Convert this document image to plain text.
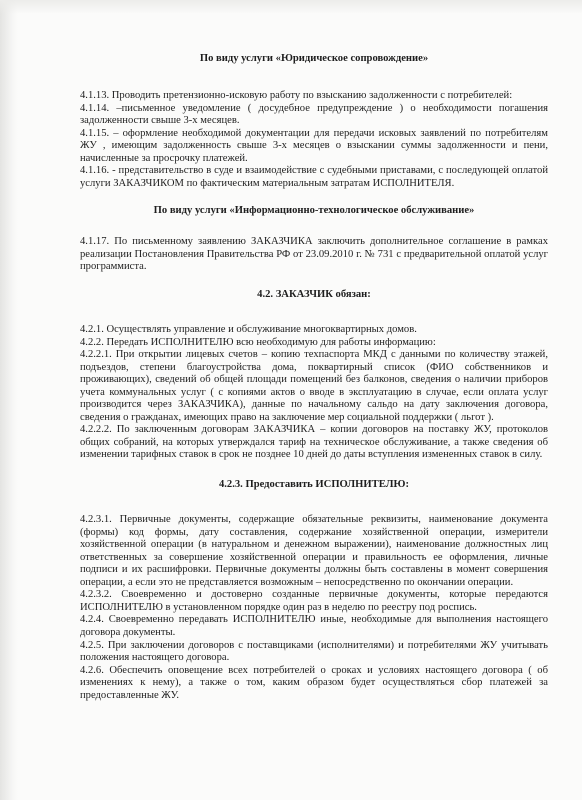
По виду услуги «Юридическое сопровождение»

4.1.13. Проводить претензионно-исковую работу по взысканию задолженности с потребителей:

4.1.14. –письменное уведомление ( досудебное предупреждение ) о необходимости погашения задолженности свыше 3-х месяцев.

4.1.15. – оформление необходимой документации для передачи исковых заявлений по потребителям ЖУ , имеющим задолженность свыше 3-х месяцев о взыскании суммы задолженности и пени, начисленные за просрочку платежей.

4.1.16. - представительство в суде и взаимодействие с судебными приставами, с последующей оплатой услуги ЗАКАЗЧИКОМ по фактическим материальным затратам ИСПОЛНИТЕЛЯ.

По виду услуги «Информационно-технологическое обслуживание»

4.1.17. По письменному заявлению ЗАКАЗЧИКА заключить дополнительное соглашение в рамках реализации Постановления Правительства РФ от 23.09.2010 г. № 731 с предварительной оплатой услуг программиста.

4.2. ЗАКАЗЧИК обязан:

4.2.1. Осуществлять управление и обслуживание многоквартирных домов.

4.2.2. Передать ИСПОЛНИТЕЛЮ всю необходимую для работы информацию:

4.2.2.1. При открытии лицевых счетов – копию техпаспорта МКД с данными по количеству этажей, подъездов, степени благоустройства дома, поквартирный список (ФИО собственников и проживающих), сведений об общей площади помещений без балконов, сведения о наличии приборов учета коммунальных услуг ( с копиями актов о вводе в эксплуатацию в случае, если оплата услуг производится через ЗАКАЗЧИКА), данные по начальному сальдо на дату заключения договора, сведения о гражданах, имеющих право на заключение мер социальной поддержки ( льгот ).

4.2.2.2. По заключенным договорам ЗАКАЗЧИКА – копии договоров на поставку ЖУ, протоколов общих собраний, на которых утверждался тариф на техническое обслуживание, а также сведения об изменении тарифных ставок в срок не позднее 10 дней до даты вступления измененных ставок в силу.

4.2.3. Предоставить ИСПОЛНИТЕЛЮ:

4.2.3.1. Первичные документы, содержащие обязательные реквизиты, наименование документа (формы) код формы, дату составления, содержание хозяйственной операции, измерители хозяйственной операции (в натуральном и денежном выражении), наименование должностных лиц ответственных за совершение хозяйственной операции и правильность ее оформления, личные подписи и их расшифровки. Первичные документы должны быть составлены в момент совершения операции, а если это не представляется возможным – непосредственно по окончании операции.

4.2.3.2. Своевременно и достоверно созданные первичные документы, которые передаются ИСПОЛНИТЕЛЮ в установленном порядке один раз в неделю по реестру под роспись.

4.2.4. Своевременно передавать ИСПОЛНИТЕЛЮ иные, необходимые для выполнения настоящего договора документы.

4.2.5. При заключении договоров с поставщиками (исполнителями) и потребителями ЖУ учитывать положения настоящего договора.

4.2.6. Обеспечить оповещение всех потребителей о сроках и условиях настоящего договора ( об изменениях к нему), а также о том, каким образом будет осуществляться сбор платежей за предоставленные ЖУ.
